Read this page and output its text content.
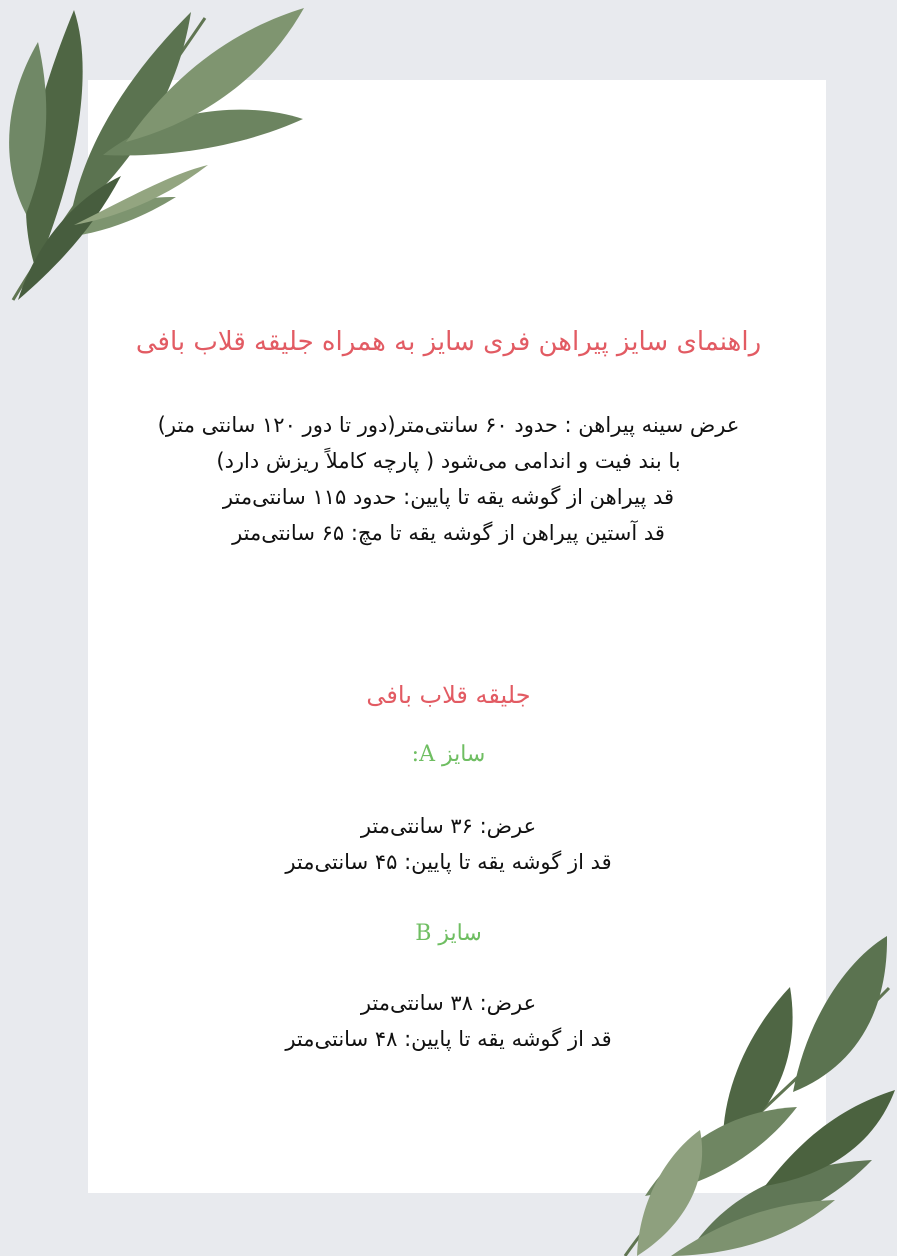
راهنمای سایز پیراهن فری سایز به همراه جلیقه قلاب بافی
عرض سینه پیراهن : حدود ۶۰ سانتی‌متر(دور تا دور ۱۲۰ سانتی متر)
با بند فیت و اندامی می‌شود ( پارچه کاملاً ریزش دارد)
قد پیراهن از گوشه یقه تا پایین: حدود ۱۱۵ سانتی‌متر
قد آستین پیراهن از گوشه یقه تا مچ: ۶۵ سانتی‌متر
جلیقه قلاب بافی
سایز A:
عرض: ۳۶ سانتی‌متر
قد از گوشه یقه تا پایین: ۴۵ سانتی‌متر
سایز B
عرض: ۳۸ سانتی‌متر
قد از گوشه یقه تا پایین: ۴۸ سانتی‌متر
